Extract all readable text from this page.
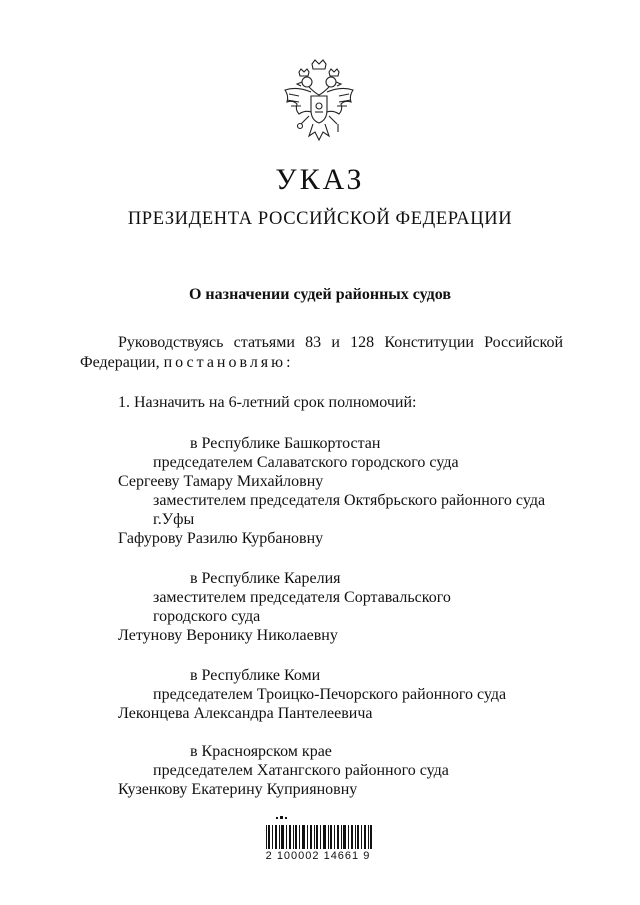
УКАЗ
ПРЕЗИДЕНТА РОССИЙСКОЙ ФЕДЕРАЦИИ
О назначении судей районных судов
Руководствуясь статьями 83 и 128 Конституции Российской
Федерации, постановляю:
1. Назначить на 6-летний срок полномочий:
в Республике Башкортостан
председателем Салаватского городского суда
Сергееву Тамару Михайловну
заместителем председателя Октябрьского районного суда
г.Уфы
Гафурову Разилю Курбановну
в Республике Карелия
заместителем председателя Сортавальского
городского суда
Летунову Веронику Николаевну
в Республике Коми
председателем Троицко-Печорского районного суда
Леконцева Александра Пантелеевича
в Красноярском крае
председателем Хатангского районного суда
Кузенкову Екатерину Куприяновну
2 100002 14661 9
